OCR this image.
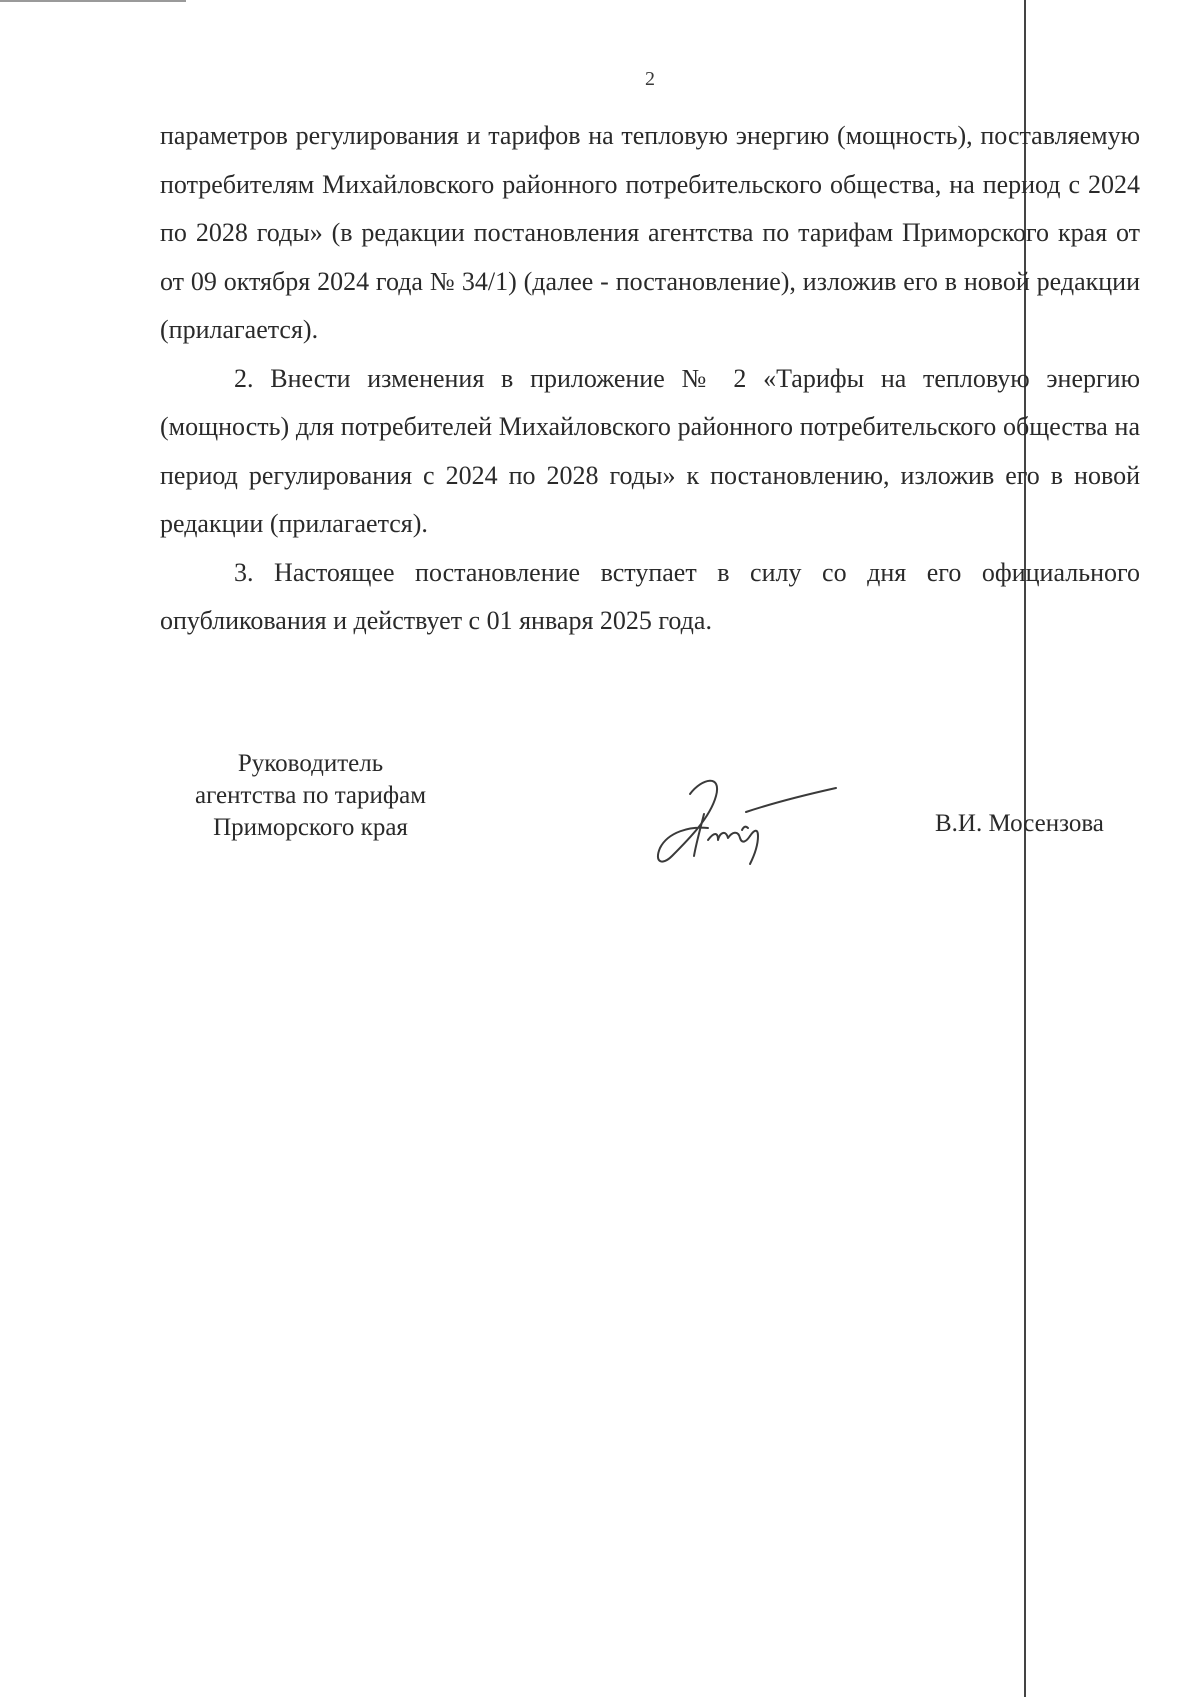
2

параметров регулирования и тарифов на тепловую энергию (мощность), поставляемую потребителям Михайловского районного потребительского общества, на период с 2024 по 2028 годы» (в редакции постановления агентства по тарифам Приморского края от от 09 октября 2024 года № 34/1) (далее - постановление), изложив его в новой редакции (прилагается).

2. Внести изменения в приложение № 2 «Тарифы на тепловую энергию (мощность) для потребителей Михайловского районного потребительского общества на период регулирования с 2024 по 2028 годы» к постановлению, изложив его в новой редакции (прилагается).

3. Настоящее постановление вступает в силу со дня его официального опубликования и действует с 01 января 2025 года.

Руководитель
агентства по тарифам
Приморского края	В.И. Мосензова
